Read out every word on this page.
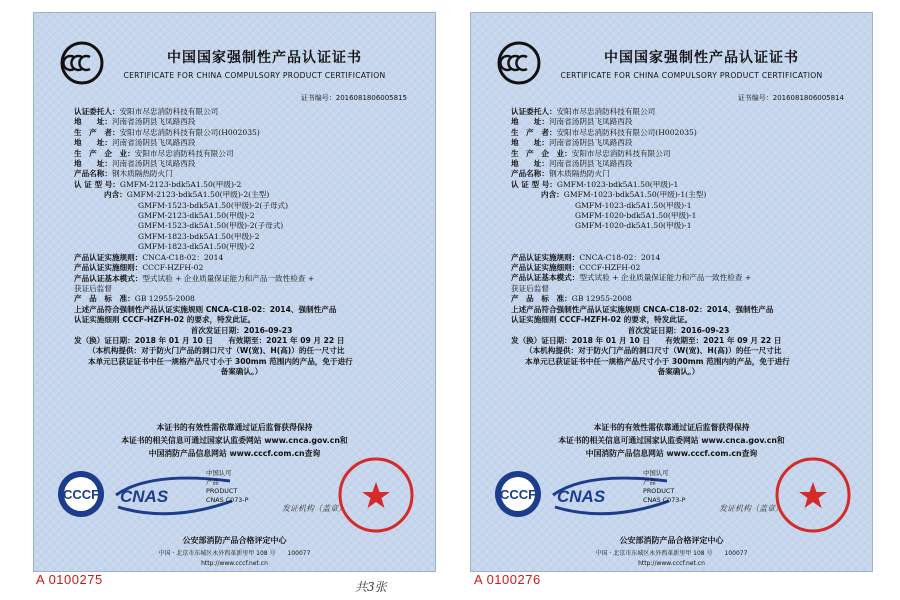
中国国家强制性产品认证证书
CERTIFICATE FOR CHINA COMPULSORY PRODUCT CERTIFICATION
证书编号：2016081806005815
认证委托人：安阳市尽忠消防科技有限公司
地　　址：河南省汤阴县飞凤路西段
生　产　者：安阳市尽忠消防科技有限公司(H002035)
地　　址：河南省汤阴县飞凤路西段
生　产　企　业：安阳市尽忠消防科技有限公司
地　　址：河南省汤阴县飞凤路西段
产品名称：钢木质隔热防火门
认 证 型 号：GMFM-2123-bdk5A1.50(甲级)-2
内含：GMFM-2123-bdk5A1.50(甲级)-2(主型)
GMFM-1523-bdk5A1.50(甲级)-2(子母式)
GMFM-2123-dk5A1.50(甲级)-2
GMFM-1523-dk5A1.50(甲级)-2(子母式)
GMFM-1823-bdk5A1.50(甲级)-2
GMFM-1823-dk5A1.50(甲级)-2
产品认证实施规则：CNCA-C18-02：2014
产品认证实施细则：CCCF-HZFH-02
产品认证基本模式：型式试验 + 企业质量保证能力和产品一致性检查 +
获证后监督
产　品　标　准：GB 12955-2008
上述产品符合强制性产品认证实施规则 CNCA-C18-02：2014、强制性产品
认证实施细则 CCCF-HZFH-02 的要求，特发此证。
首次发证日期：2016-09-23
发（换）证日期：2018 年 01 月 10 日　　有效期至：2021 年 09 月 22 日
（本机构提供：对于防火门产品的洞口尺寸（W(宽)、H(高)）的任一尺寸比
本单元已获证证书中任一规格产品尺寸小于 300mm 范围内的产品，免于进行
备案确认。）
本证书的有效性需依靠通过证后监督获得保持
本证书的相关信息可通过国家认监委网站 www.cnca.gov.cn和
中国消防产品信息网站 www.cccf.com.cn查询
CCCF CNAS
中国认可
产品
PRODUCT
CNAS C073-P
发证机构（盖章）
公安部消防产品合格评定中心
中国 · 北京市东城区永外西革新里甲 108 号　　100077
http://www.cccf.net.cn
A 0100275	共3张
中国国家强制性产品认证证书
CERTIFICATE FOR CHINA COMPULSORY PRODUCT CERTIFICATION
证书编号：2016081806005814
认证委托人：安阳市尽忠消防科技有限公司
地　　址：河南省汤阴县飞凤路西段
生　产　者：安阳市尽忠消防科技有限公司(H002035)
地　　址：河南省汤阴县飞凤路西段
生　产　企　业：安阳市尽忠消防科技有限公司
地　　址：河南省汤阴县飞凤路西段
产品名称：钢木质隔热防火门
认 证 型 号：GMFM-1023-bdk5A1.50(甲级)-1
内含：GMFM-1023-bdk5A1.50(甲级)-1(主型)
GMFM-1023-dk5A1.50(甲级)-1
GMFM-1020-bdk5A1.50(甲级)-1
GMFM-1020-dk5A1.50(甲级)-1
产品认证实施规则：CNCA-C18-02：2014
产品认证实施细则：CCCF-HZFH-02
产品认证基本模式：型式试验 + 企业质量保证能力和产品一致性检查 +
获证后监督
产　品　标　准：GB 12955-2008
上述产品符合强制性产品认证实施规则 CNCA-C18-02：2014、强制性产品
认证实施细则 CCCF-HZFH-02 的要求，特发此证。
首次发证日期：2016-09-23
发（换）证日期：2018 年 01 月 10 日　　有效期至：2021 年 09 月 22 日
（本机构提供：对于防火门产品的洞口尺寸（W(宽)、H(高)）的任一尺寸比
本单元已获证证书中任一规格产品尺寸小于 300mm 范围内的产品，免于进行
备案确认。）
本证书的有效性需依靠通过证后监督获得保持
本证书的相关信息可通过国家认监委网站 www.cnca.gov.cn和
中国消防产品信息网站 www.cccf.com.cn查询
CCCF CNAS
中国认可
产品
PRODUCT
CNAS C073-P
发证机构（盖章）
公安部消防产品合格评定中心
中国 · 北京市东城区永外西革新里甲 108 号　　100077
http://www.cccf.net.cn
A 0100276
